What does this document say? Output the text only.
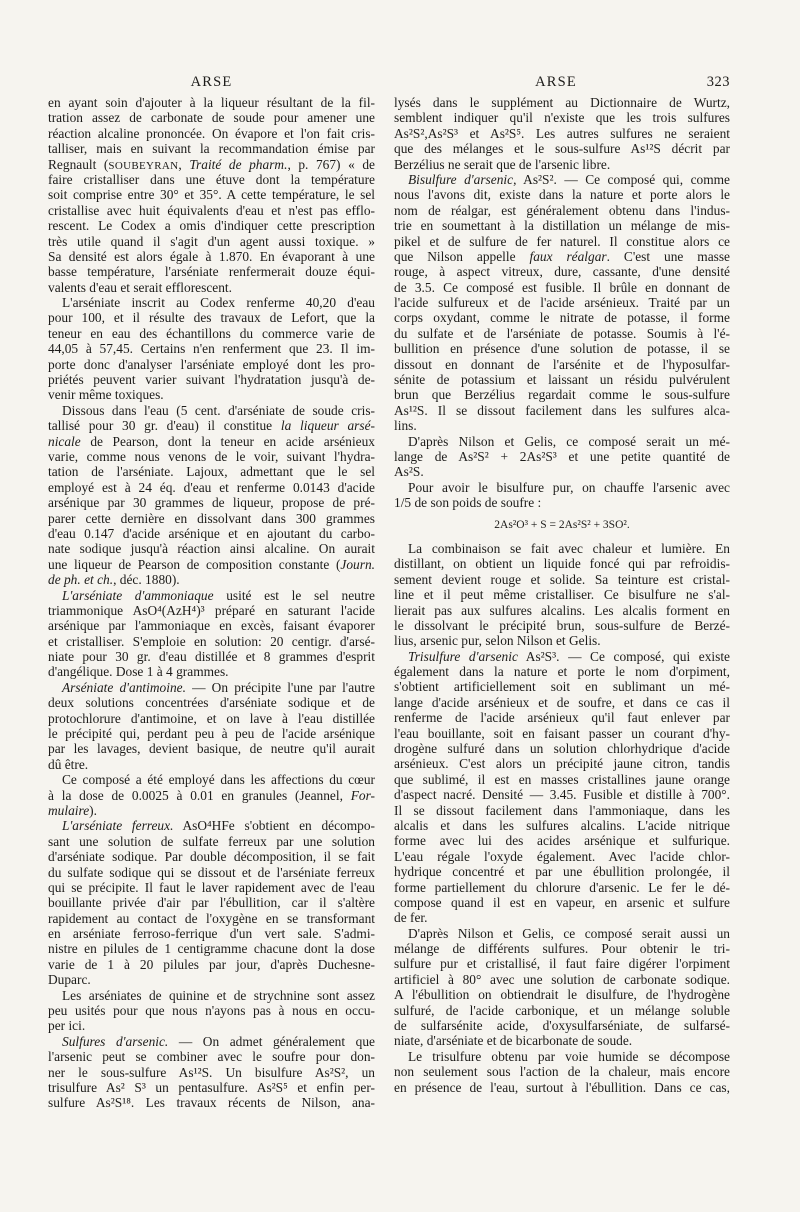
ARSE	ARSE	323
en ayant soin d'ajouter à la liqueur résultant de la fil-
tration assez de carbonate de soude pour amener une
réaction alcaline prononcée. On évapore et l'on fait cris-
talliser, mais en suivant la recommandation émise par
Regnault (SOUBEYRAN, Traité de pharm., p. 767) « de
faire cristalliser dans une étuve dont la température
soit comprise entre 30° et 35°. A cette température, le sel
cristallise avec huit équivalents d'eau et n'est pas efflo-
rescent. Le Codex a omis d'indiquer cette prescription
très utile quand il s'agit d'un agent aussi toxique. »
Sa densité est alors égale à 1.870. En évaporant à une
basse température, l'arséniate renfermerait douze équi-
valents d'eau et serait efflorescent.
L'arséniate inscrit au Codex renferme 40,20 d'eau
pour 100, et il résulte des travaux de Lefort, que la
teneur en eau des échantillons du commerce varie de
44,05 à 57,45. Certains n'en renferment que 23. Il im-
porte donc d'analyser l'arséniate employé dont les pro-
priétés peuvent varier suivant l'hydratation jusqu'à de-
venir même toxiques.
Dissous dans l'eau (5 cent. d'arséniate de soude cris-
tallisé pour 30 gr. d'eau) il constitue la liqueur arsé-
nicale de Pearson, dont la teneur en acide arsénieux
varie, comme nous venons de le voir, suivant l'hydra-
tation de l'arséniate. Lajoux, admettant que le sel
employé est à 24 éq. d'eau et renferme 0.0143 d'acide
arsénique par 30 grammes de liqueur, propose de pré-
parer cette dernière en dissolvant dans 300 grammes
d'eau 0.147 d'acide arsénique et en ajoutant du carbo-
nate sodique jusqu'à réaction ainsi alcaline. On aurait
une liqueur de Pearson de composition constante (Journ.
de ph. et ch., déc. 1880).
L'arséniate d'ammoniaque usité est le sel neutre
triammonique AsO⁴(AzH⁴)³ préparé en saturant l'acide
arsénique par l'ammoniaque en excès, faisant évaporer
et cristalliser. S'emploie en solution: 20 centigr. d'arsé-
niate pour 30 gr. d'eau distillée et 8 grammes d'esprit
d'angélique. Dose 1 à 4 grammes.
Arséniate d'antimoine. — On précipite l'une par l'autre
deux solutions concentrées d'arséniate sodique et de
protochlorure d'antimoine, et on lave à l'eau distillée
le précipité qui, perdant peu à peu de l'acide arsénique
par les lavages, devient basique, de neutre qu'il aurait
dû être.
Ce composé a été employé dans les affections du cœur
à la dose de 0.0025 à 0.01 en granules (Jeannel, For-
mulaire).
L'arséniate ferreux. AsO⁴HFe s'obtient en décompo-
sant une solution de sulfate ferreux par une solution
d'arséniate sodique. Par double décomposition, il se fait
du sulfate sodique qui se dissout et de l'arséniate ferreux
qui se précipite. Il faut le laver rapidement avec de l'eau
bouillante privée d'air par l'ébullition, car il s'altère
rapidement au contact de l'oxygène en se transformant
en arséniate ferroso-ferrique d'un vert sale. S'admi-
nistre en pilules de 1 centigramme chacune dont la dose
varie de 1 à 20 pilules par jour, d'après Duchesne-
Duparc.
Les arséniates de quinine et de strychnine sont assez
peu usités pour que nous n'ayons pas à nous en occu-
per ici.
Sulfures d'arsenic. — On admet généralement que
l'arsenic peut se combiner avec le soufre pour don-
ner le sous-sulfure As¹²S. Un bisulfure As²S², un
trisulfure As² S³ un pentasulfure. As²S⁵ et enfin per-
sulfure As²S¹⁸. Les travaux récents de Nilson, ana-
lysés dans le supplément au Dictionnaire de Wurtz,
semblent indiquer qu'il n'existe que les trois sulfures
As²S²,As²S³ et As²S⁵. Les autres sulfures ne seraient
que des mélanges et le sous-sulfure As¹²S décrit par
Berzélius ne serait que de l'arsenic libre.
Bisulfure d'arsenic, As²S². — Ce composé qui, comme
nous l'avons dit, existe dans la nature et porte alors le
nom de réalgar, est généralement obtenu dans l'indus-
trie en soumettant à la distillation un mélange de mis-
pikel et de sulfure de fer naturel. Il constitue alors ce
que Nilson appelle faux réalgar. C'est une masse
rouge, à aspect vitreux, dure, cassante, d'une densité
de 3.5. Ce composé est fusible. Il brûle en donnant de
l'acide sulfureux et de l'acide arsénieux. Traité par un
corps oxydant, comme le nitrate de potasse, il forme
du sulfate et de l'arséniate de potasse. Soumis à l'é-
bullition en présence d'une solution de potasse, il se
dissout en donnant de l'arsénite et de l'hyposulfar-
sénite de potassium et laissant un résidu pulvérulent
brun que Berzélius regardait comme le sous-sulfure
As¹²S. Il se dissout facilement dans les sulfures alca-
lins.
D'après Nilson et Gelis, ce composé serait un mé-
lange de As²S² + 2As²S³ et une petite quantité de
As²S.
Pour avoir le bisulfure pur, on chauffe l'arsenic avec
1/5 de son poids de soufre :
2As²O³ + S = 2As²S² + 3SO².
La combinaison se fait avec chaleur et lumière. En
distillant, on obtient un liquide foncé qui par refroidis-
sement devient rouge et solide. Sa teinture est cristal-
line et il peut même cristalliser. Ce bisulfure ne s'al-
lierait pas aux sulfures alcalins. Les alcalis forment en
le dissolvant le précipité brun, sous-sulfure de Berzé-
lius, arsenic pur, selon Nilson et Gelis.
Trisulfure d'arsenic As²S³. — Ce composé, qui existe
également dans la nature et porte le nom d'orpiment,
s'obtient artificiellement soit en sublimant un mé-
lange d'acide arsénieux et de soufre, et dans ce cas il
renferme de l'acide arsénieux qu'il faut enlever par
l'eau bouillante, soit en faisant passer un courant d'hy-
drogène sulfuré dans un solution chlorhydrique d'acide
arsénieux. C'est alors un précipité jaune citron, tandis
que sublimé, il est en masses cristallines jaune orange
d'aspect nacré. Densité — 3.45. Fusible et distille à 700°.
Il se dissout facilement dans l'ammoniaque, dans les
alcalis et dans les sulfures alcalins. L'acide nitrique
forme avec lui des acides arsénique et sulfurique.
L'eau régale l'oxyde également. Avec l'acide chlor-
hydrique concentré et par une ébullition prolongée, il
forme partiellement du chlorure d'arsenic. Le fer le dé-
compose quand il est en vapeur, en arsenic et sulfure
de fer.
D'après Nilson et Gelis, ce composé serait aussi un
mélange de différents sulfures. Pour obtenir le tri-
sulfure pur et cristallisé, il faut faire digérer l'orpiment
artificiel à 80° avec une solution de carbonate sodique.
A l'ébullition on obtiendrait le disulfure, de l'hydrogène
sulfuré, de l'acide carbonique, et un mélange soluble
de sulfarsénite acide, d'oxysulfarséniate, de sulfarsé-
niate, d'arséniate et de bicarbonate de soude.
Le trisulfure obtenu par voie humide se décompose
non seulement sous l'action de la chaleur, mais encore
en présence de l'eau, surtout à l'ébullition. Dans ce cas,
